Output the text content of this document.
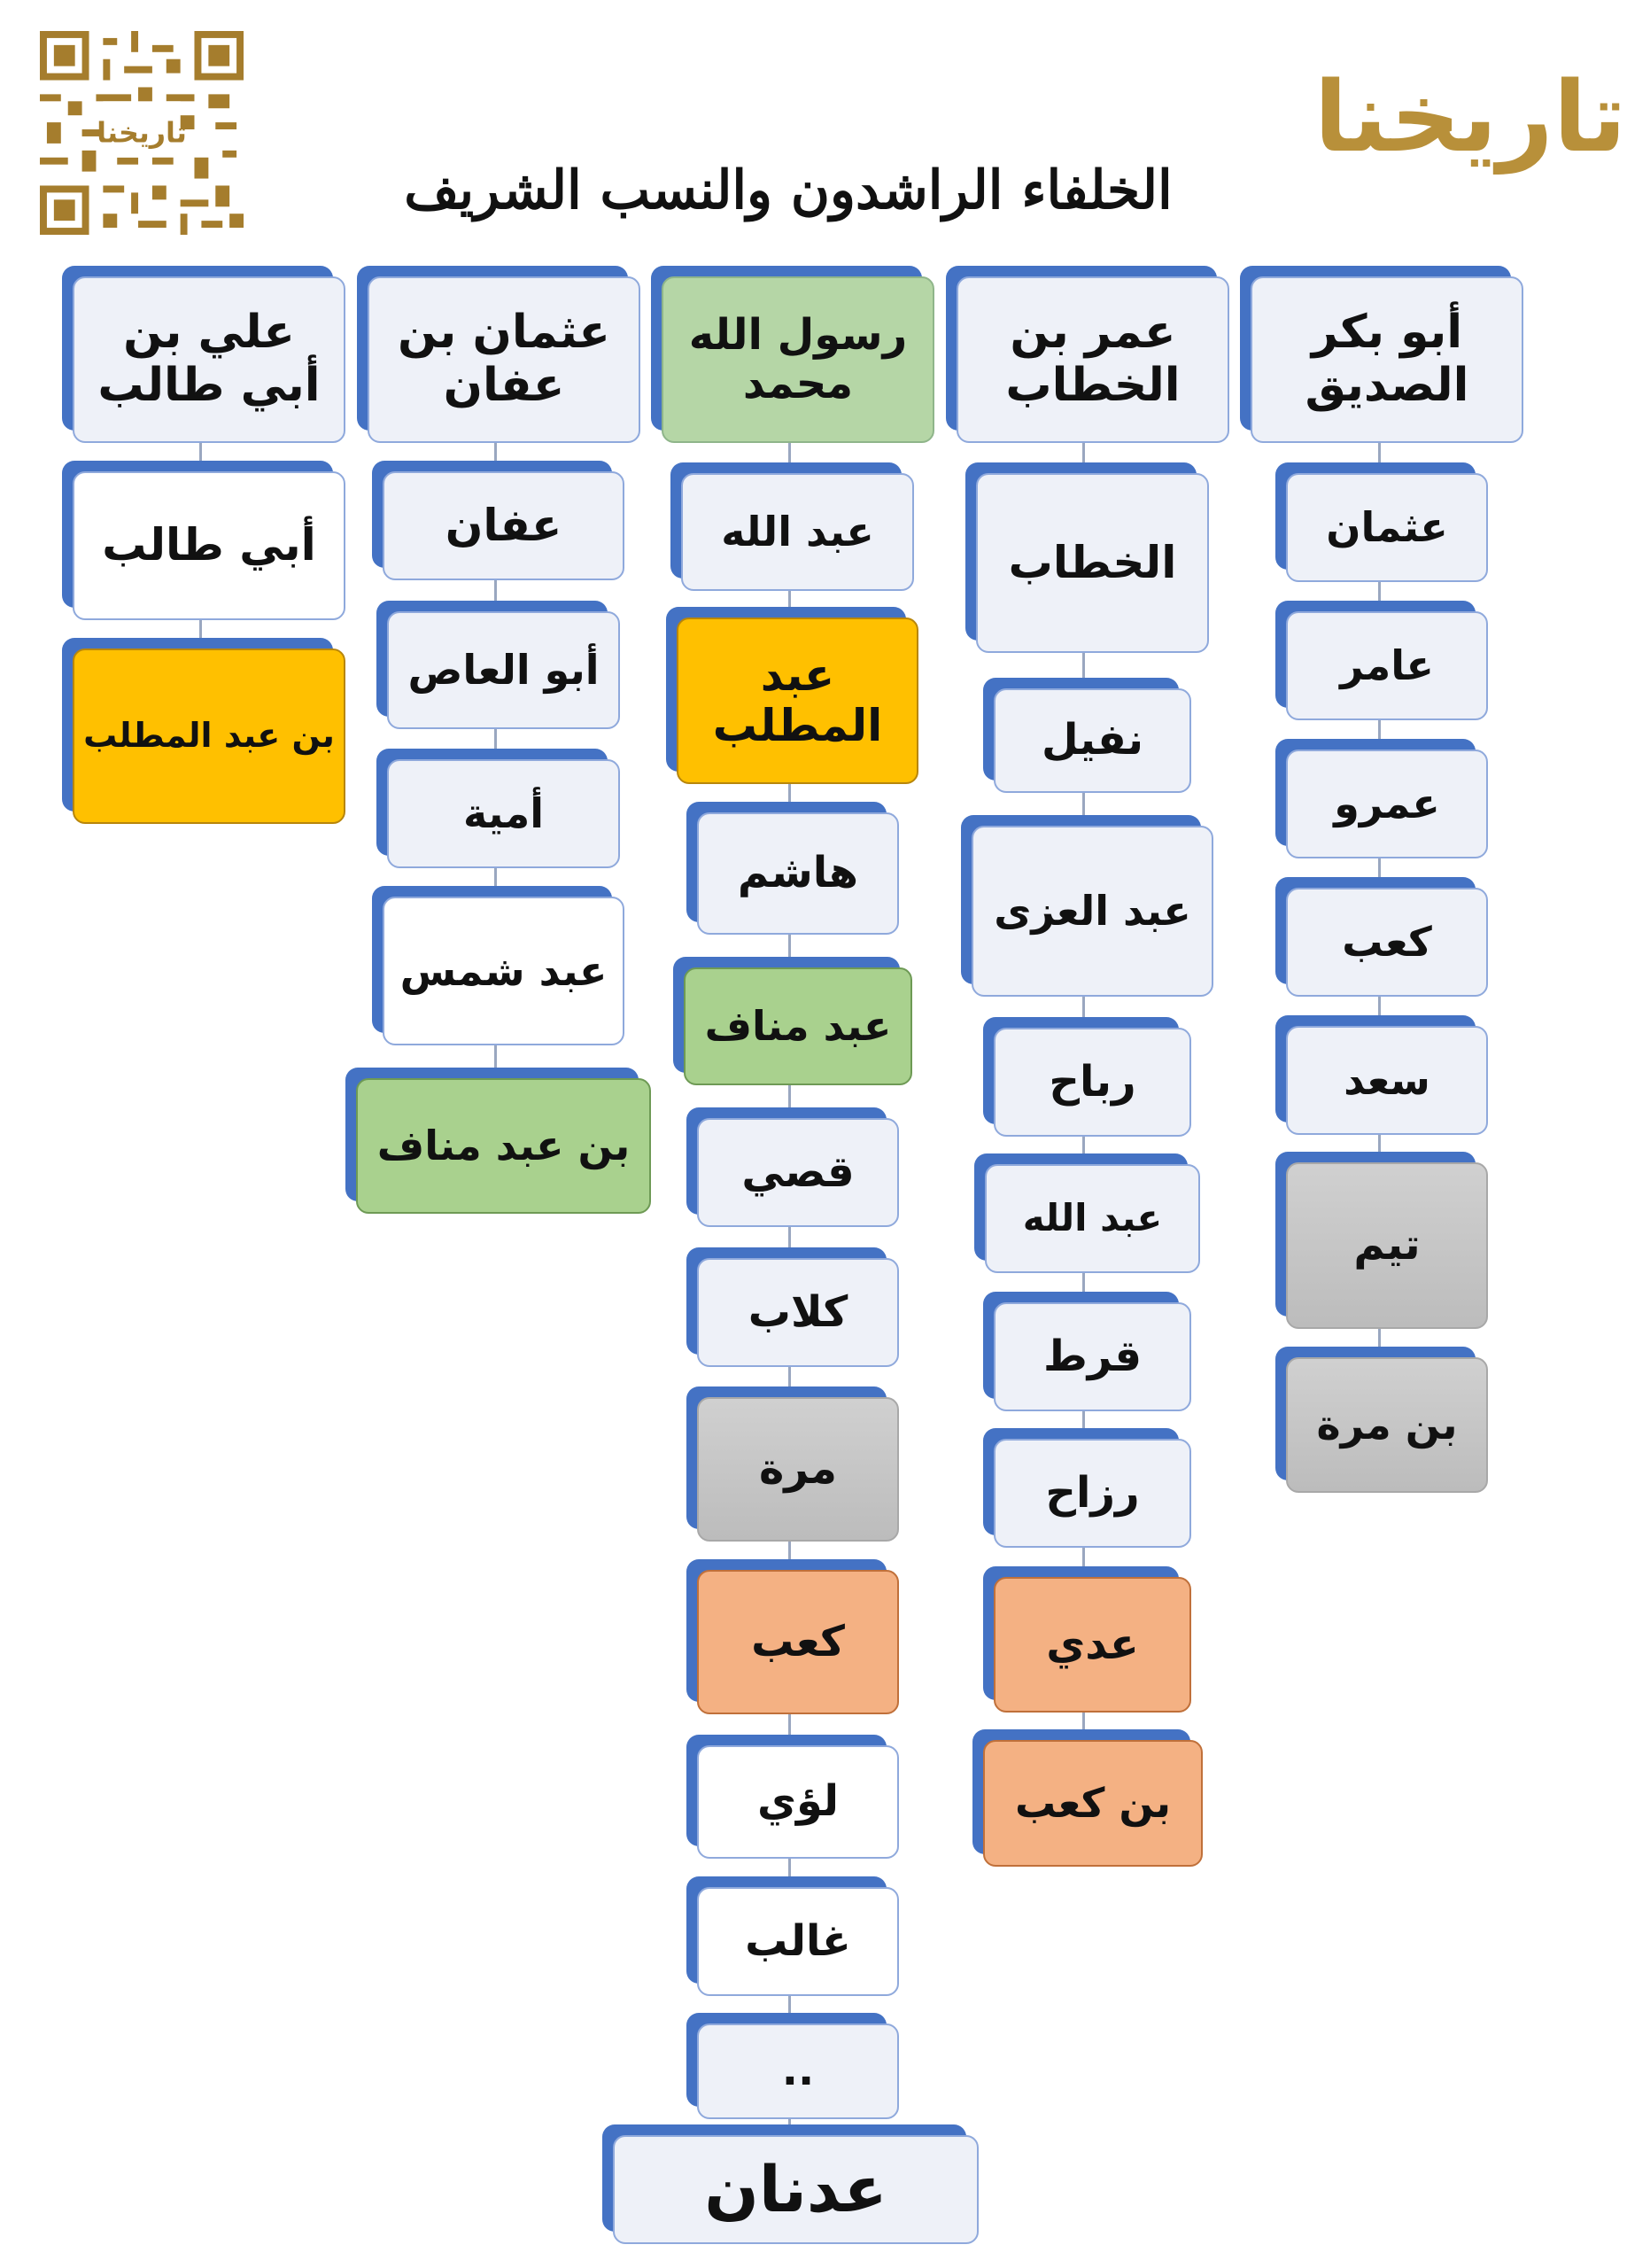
تاريخنا	تاريخنا
الخلفاء الراشدون والنسب الشريف
علي بن أبي طالب
أبي طالب
بن عبد المطلب
عثمان بن عفان
عفان
أبو العاص
أمية
عبد شمس
بن عبد مناف
رسول الله محمد
عبد الله
عبد المطلب
هاشم
عبد مناف
قصي
كلاب
مرة
كعب
لؤي
غالب
..
عدنان
عمر بن الخطاب
الخطاب
نفيل
عبد العزى
رباح
عبد الله
قرط
رزاح
عدي
بن كعب
أبو بكر الصديق
عثمان
عامر
عمرو
كعب
سعد
تيم
بن مرة
